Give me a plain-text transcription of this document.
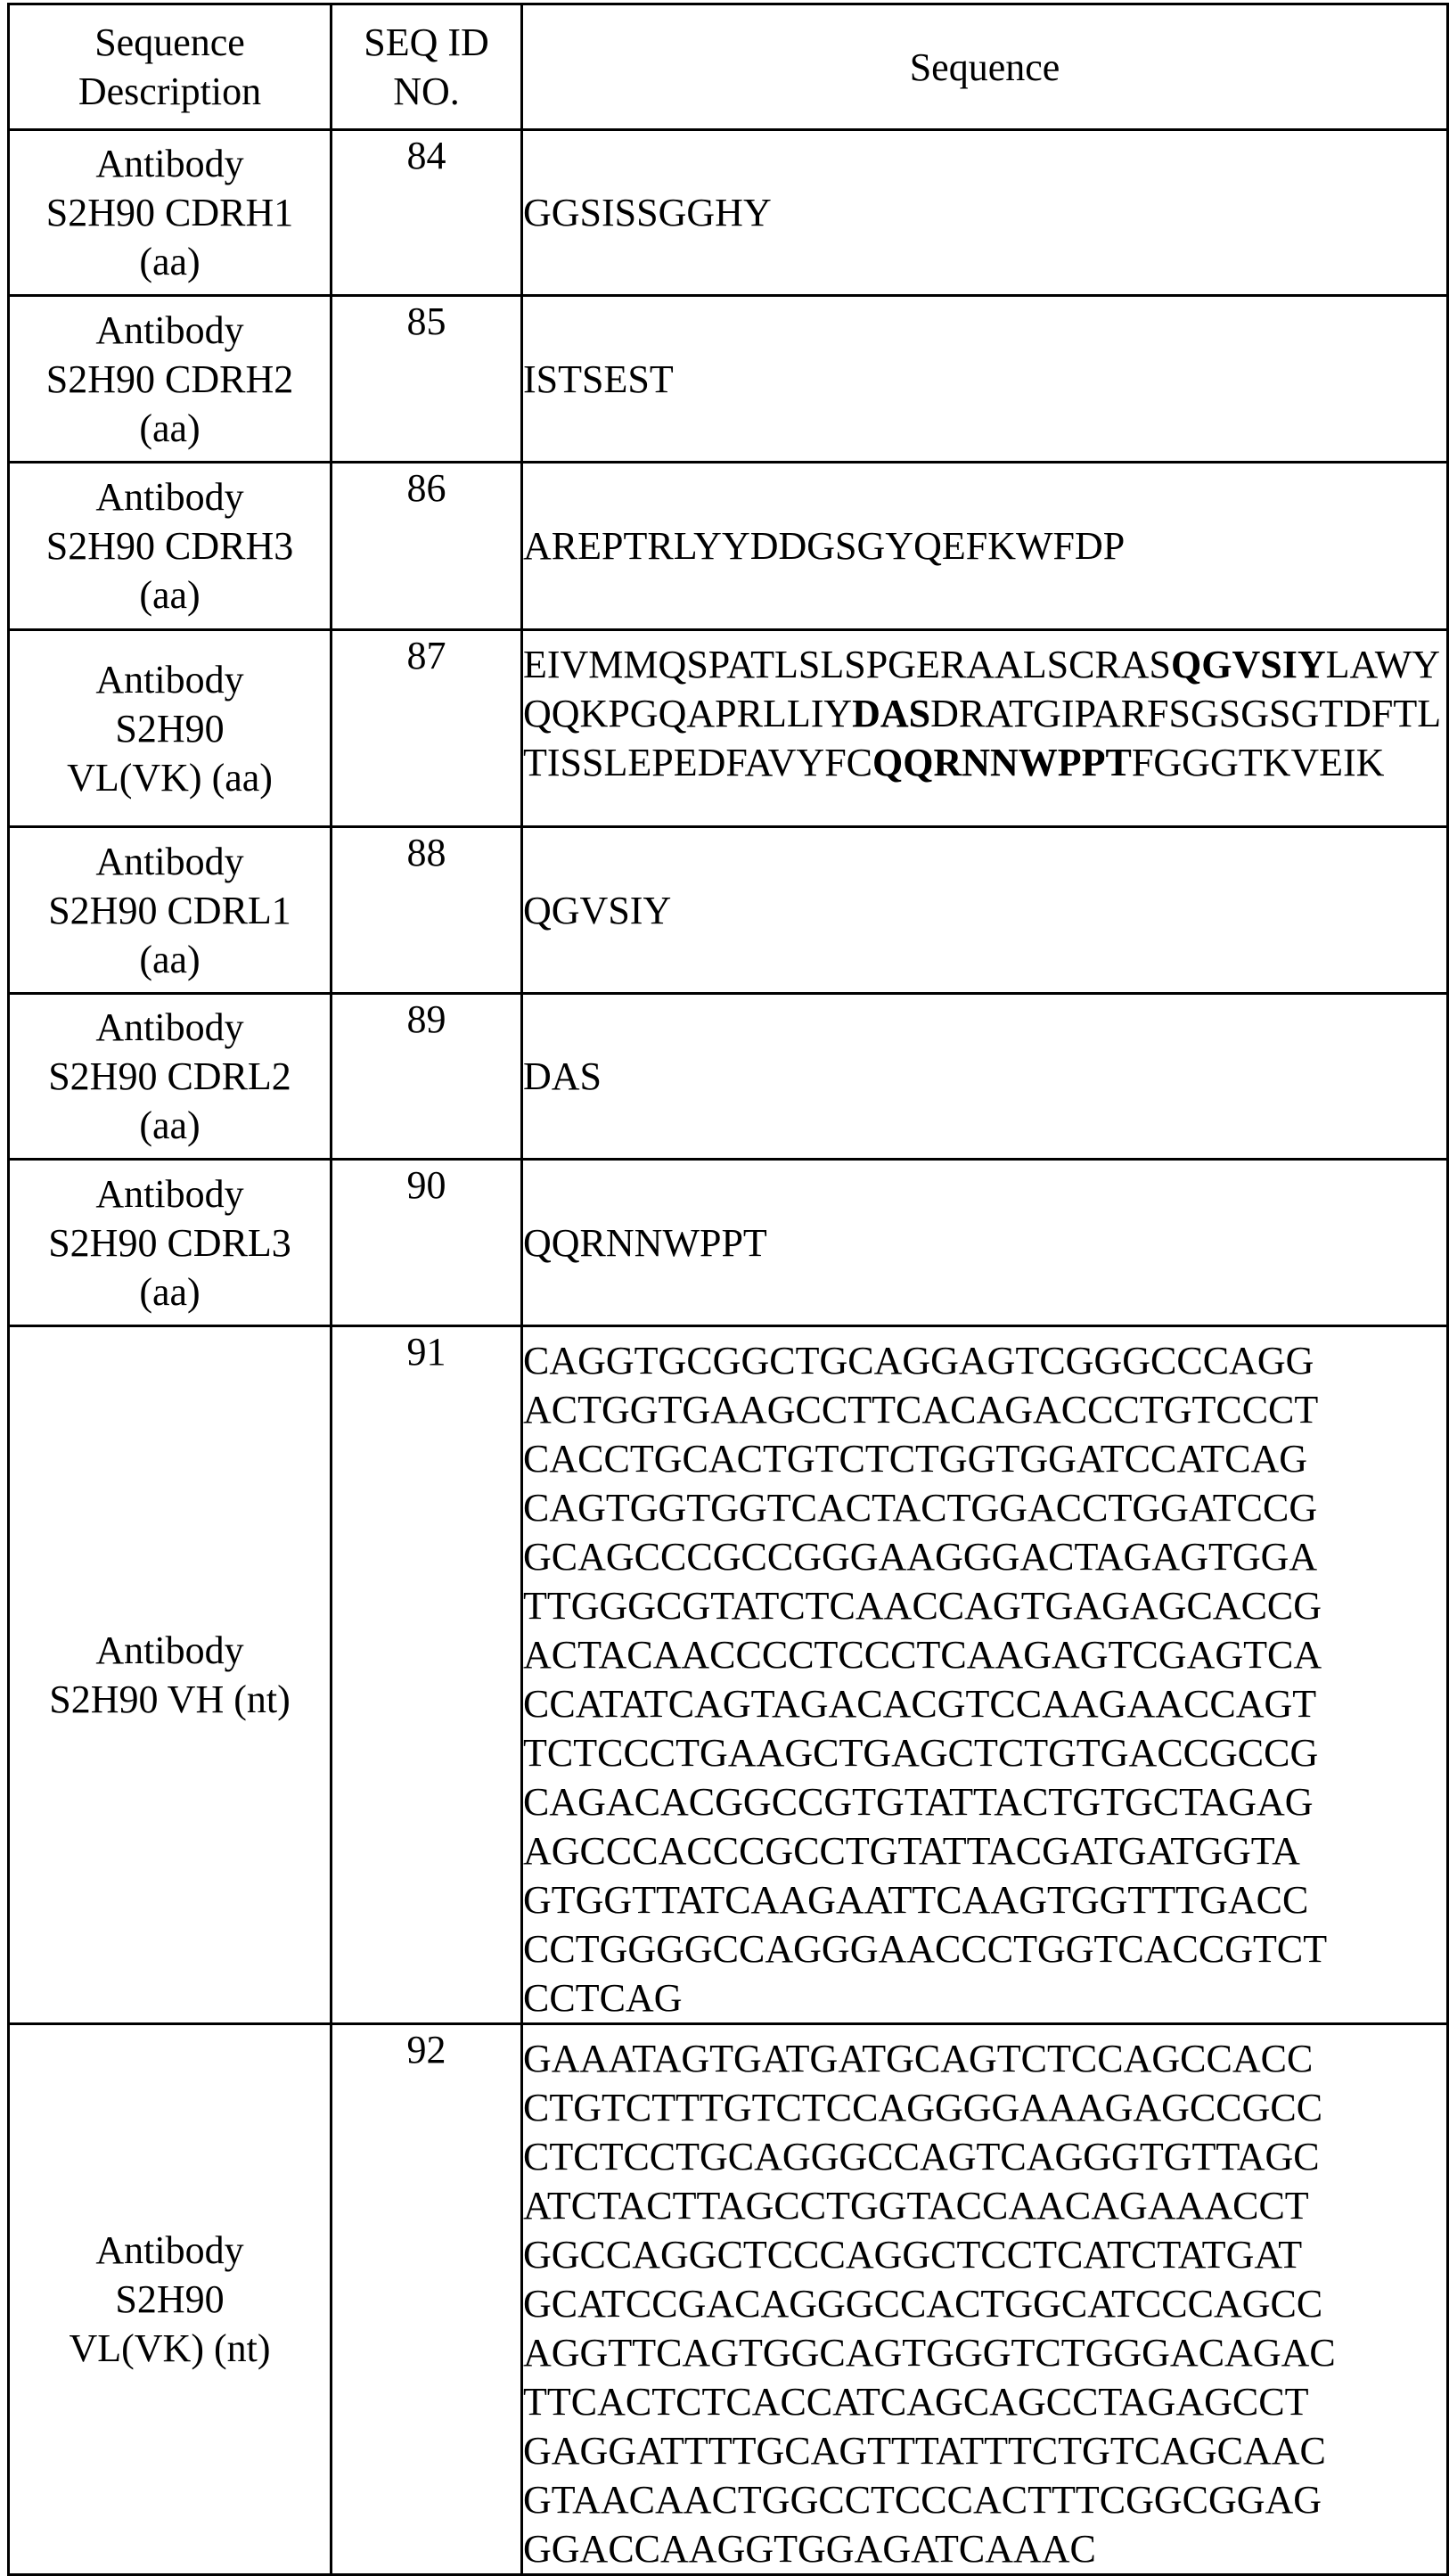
Sequence
Description

SEQ ID
NO.
	Sequence

Antibody
S2H90 CDRH1
(aa)
	84	GGSISSGGHY

Antibody
S2H90 CDRH2
(aa)
	85	ISTSEST

Antibody
S2H90 CDRH3
(aa)
	86	AREPTRLYYDDGSGYQEFKWFDP

Antibody
S2H90
VL(VK) (aa)
	87	EIVMMQSPATLSLSPGERAALSCRASQGVSIYLAWYQQKPGQAPRLLIYDASDRATGIPARFSGSGSGTDFTLTISSLEPEDFAVYFCQQRNNWPPTFGGGTKVEIK

Antibody
S2H90 CDRL1
(aa)
	88	QGVSIY

Antibody
S2H90 CDRL2
(aa)
	89	DAS

Antibody
S2H90 CDRL3
(aa)
	90	QQRNNWPPT

Antibody
S2H90 VH (nt)
	91	CAGGTGCGGCTGCAGGAGTCGGGCCCAGG
ACTGGTGAAGCCTTCACAGACCCTGTCCCT
CACCTGCACTGTCTCTGGTGGATCCATCAG
CAGTGGTGGTCACTACTGGACCTGGATCCG
GCAGCCCGCCGGGAAGGGACTAGAGTGGA
TTGGGCGTATCTCAACCAGTGAGAGCACCG
ACTACAACCCCTCCCTCAAGAGTCGAGTCA
CCATATCAGTAGACACGTCCAAGAACCAGT
TCTCCCTGAAGCTGAGCTCTGTGACCGCCG
CAGACACGGCCGTGTATTACTGTGCTAGAG
AGCCCACCCGCCTGTATTACGATGATGGTA
GTGGTTATCAAGAATTCAAGTGGTTTGACC
CCTGGGGCCAGGGAACCCTGGTCACCGTCT
CCTCAG

Antibody
S2H90
VL(VK) (nt)
	92	GAAATAGTGATGATGCAGTCTCCAGCCACC
CTGTCTTTGTCTCCAGGGGAAAGAGCCGCC
CTCTCCTGCAGGGCCAGTCAGGGTGTTAGC
ATCTACTTAGCCTGGTACCAACAGAAACCT
GGCCAGGCTCCCAGGCTCCTCATCTATGAT
GCATCCGACAGGGCCACTGGCATCCCAGCC
AGGTTCAGTGGCAGTGGGTCTGGGACAGAC
TTCACTCTCACCATCAGCAGCCTAGAGCCT
GAGGATTTTGCAGTTTATTTCTGTCAGCAAC
GTAACAACTGGCCTCCCACTTTCGGCGGAG
GGACCAAGGTGGAGATCAAAC
